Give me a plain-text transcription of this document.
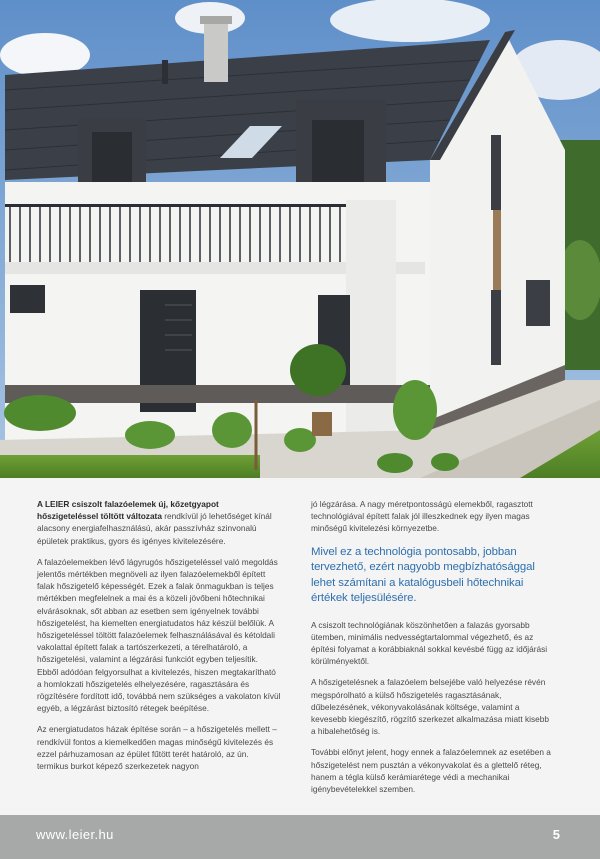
A LEIER csiszolt falazóelemek új, kőzetgyapot hőszigeteléssel töltött változata rendkívül jó lehetőséget kínál alacsony energiafelhasználású, akár passzívház szinvonalú épületek praktikus, gyors és igényes kivitelezésére.

A falazóelemekben lévő lágyrugós hőszigeteléssel való megoldás jelentős mértékben megnöveli az ilyen falazóelemekből épített falak hőszigetelő képességét. Ezek a falak önmagukban is teljes mértékben megfelelnek a mai és a közeli jövőbeni hőtechnikai elvárásoknak, sőt abban az esetben sem igényelnek további hőszigetelést, ha kiemelten energiatudatos ház készül belőlük. A hőszigeteléssel töltött falazóelemek felhasználásával és kétoldali vakolattal épített falak a tartószerkezeti, a térelhatároló, a hőszigetelési, valamint a légzárási funkciót egyben teljesítik. Ebből adódóan felgyorsulhat a kivitelezés, hiszen megtakarítható a homlokzati hőszigetelés elhelyezésére, ragasztására és rögzítésére fordított idő, továbbá nem szükséges a vakolaton kívül egyéb, a légzárást biztosító rétegek beépítése.

Az energiatudatos házak építése során – a hőszigetelés mellett – rendkívül fontos a kiemelkedően magas minőségű kivitelezés és ezzel párhuzamosan az épület fűtött terét határoló, az ún. termikus burkot képező szerkezetek nagyon

jó légzárása. A nagy méretpontosságú elemekből, ragasztott technológiával épített falak jól illeszkednek egy ilyen magas minőségű kivitelezési környezetbe.

Mivel ez a technológia pontosabb, jobban tervezhető, ezért nagyobb megbízhatósággal lehet számítani a katalógusbeli hőtechnikai értékek teljesülésére.

A csiszolt technológiának köszönhetően a falazás gyorsabb ütemben, minimális nedvességtartalommal végezhető, és az építési folyamat a korábbiaknál sokkal kevésbé függ az időjárási körülményektől.

A hőszigetelésnek a falazóelem belsejébe való helyezése révén megspórolható a külső hőszigetelés ragasztásának, dűbelezésének, vékonyvakolásának költsége, valamint a kevesebb kiegészítő, rögzítő szerkezet alkalmazása miatt kisebb a hibalehetőség is.

További előnyt jelent, hogy ennek a falazóelemnek az esetében a hőszigetelést nem pusztán a vékonyvakolat és a glettelő réteg, hanem a tégla külső kerámiarétege védi a mechanikai igénybevételekkel szemben.

www.leier.hu	5
